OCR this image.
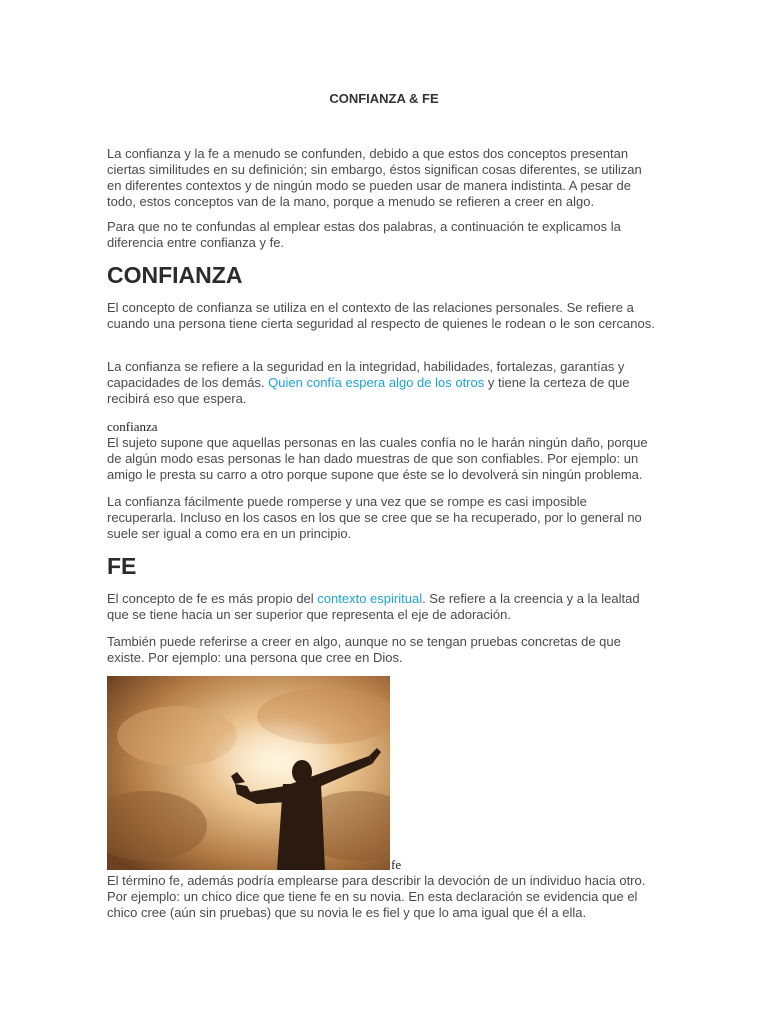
CONFIANZA & FE

La confianza y la fe a menudo se confunden, debido a que estos dos conceptos presentan ciertas similitudes en su definición; sin embargo, éstos significan cosas diferentes, se utilizan en diferentes contextos y de ningún modo se pueden usar de manera indistinta. A pesar de todo, estos conceptos van de la mano, porque a menudo se refieren a creer en algo.

Para que no te confundas al emplear estas dos palabras, a continuación te explicamos la diferencia entre confianza y fe.

CONFIANZA

El concepto de confianza se utiliza en el contexto de las relaciones personales. Se refiere a cuando una persona tiene cierta seguridad al respecto de quienes le rodean o le son cercanos.

La confianza se refiere a la seguridad en la integridad, habilidades, fortalezas, garantías y capacidades de los demás. Quien confía espera algo de los otros y tiene la certeza de que recibirá eso que espera.

confianza

El sujeto supone que aquellas personas en las cuales confía no le harán ningún daño, porque de algún modo esas personas le han dado muestras de que son confiables. Por ejemplo: un amigo le presta su carro a otro porque supone que éste se lo devolverá sin ningún problema.

La confianza fácilmente puede romperse y una vez que se rompe es casi imposible recuperarla. Incluso en los casos en los que se cree que se ha recuperado, por lo general no suele ser igual a como era en un principio.

FE

El concepto de fe es más propio del contexto espiritual. Se refiere a la creencia y a la lealtad que se tiene hacia un ser superior que representa el eje de adoración.

También puede referirse a creer en algo, aunque no se tengan pruebas concretas de que existe. Por ejemplo: una persona que cree en Dios.

fe

El término fe, además podría emplearse para describir la devoción de un individuo hacia otro. Por ejemplo: un chico dice que tiene fe en su novia. En esta declaración se evidencia que el chico cree (aún sin pruebas) que su novia le es fiel y que lo ama igual que él a ella.
